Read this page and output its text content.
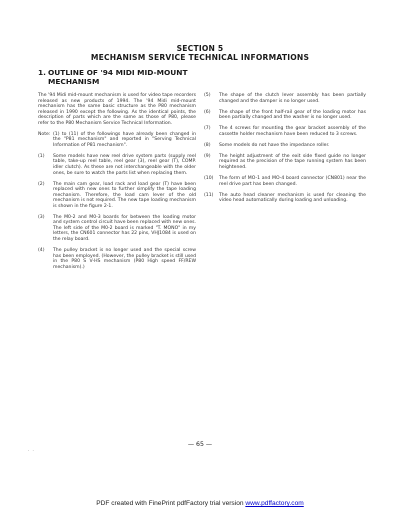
SECTION 5
MECHANISM SERVICE TECHNICAL INFORMATIONS
1. OUTLINE OF '94 MIDI MID-MOUNT MECHANISM
The '94 Midi mid-mount mechanism is used for video tape recorders released as new products of 1994. The '94 Midi mid-mount mechanism has the same basic structure as the P80 mechanism released in 1990 except the following. As the identical points, the description of parts which are the same as those of P80, please refer to the P80 Mechanism Service Technical Information.
Note: (1) to (11) of the followings have already been changed in the "P81 mechanism" and reported in "Serving Technical Information of P81 mechanism".
(1) Some models have new reel drive system parts (supply reel table, take-up reel table, reel gear (3), reel gear (T), COMP. idler clutch). As these are not interchangeable with the older ones, be sure to watch the parts list when replacing them.
(2) The main cam gear, load rack and load gear (T) have been replaced with new ones to further simplify the tape loading mechanism. Therefore, the load cam lever of the old mechanism is not required. The new tape loading mechanism is shown in the figure 2-1.
(3) The M0-2 and M0-3 boards for between the loading motor and system control circuit have been replaced with new ones. The left side of the M0-2 board is marked "T. MONO" in my letters, the CN601 connector has 22 pins, VHJ1084 is used on the relay board.
(4) The pulley bracket is no longer used and the special screw has been employed. (However, the pulley bracket is still used in the P80 S V-HS mechanism (P80 High speed FF/REW mechanism).)
(5) The shape of the clutch lever assembly has been partially changed and the damper is no longer used.
(6) The shape of the front half-rail gear of the loading motor has been partially changed and the washer is no longer used.
(7) The 4 screws for mounting the gear bracket assembly of the cassette holder mechanism have been reduced to 3 screws.
(8) Some models do not have the impedance roller.
(9) The height adjustment of the exit side fixed guide no longer required as the precision of the tape running system has been heightened.
(10) The form of MO-1 and MO-4 board connector (CN801) near the reel drive part has been changed.
(11) The auto head cleaner mechanism is used for cleaning the video head automatically during loading and unloading.
— 65 —
· ·
PDF created with FinePrint pdfFactory trial version www.pdffactory.com
